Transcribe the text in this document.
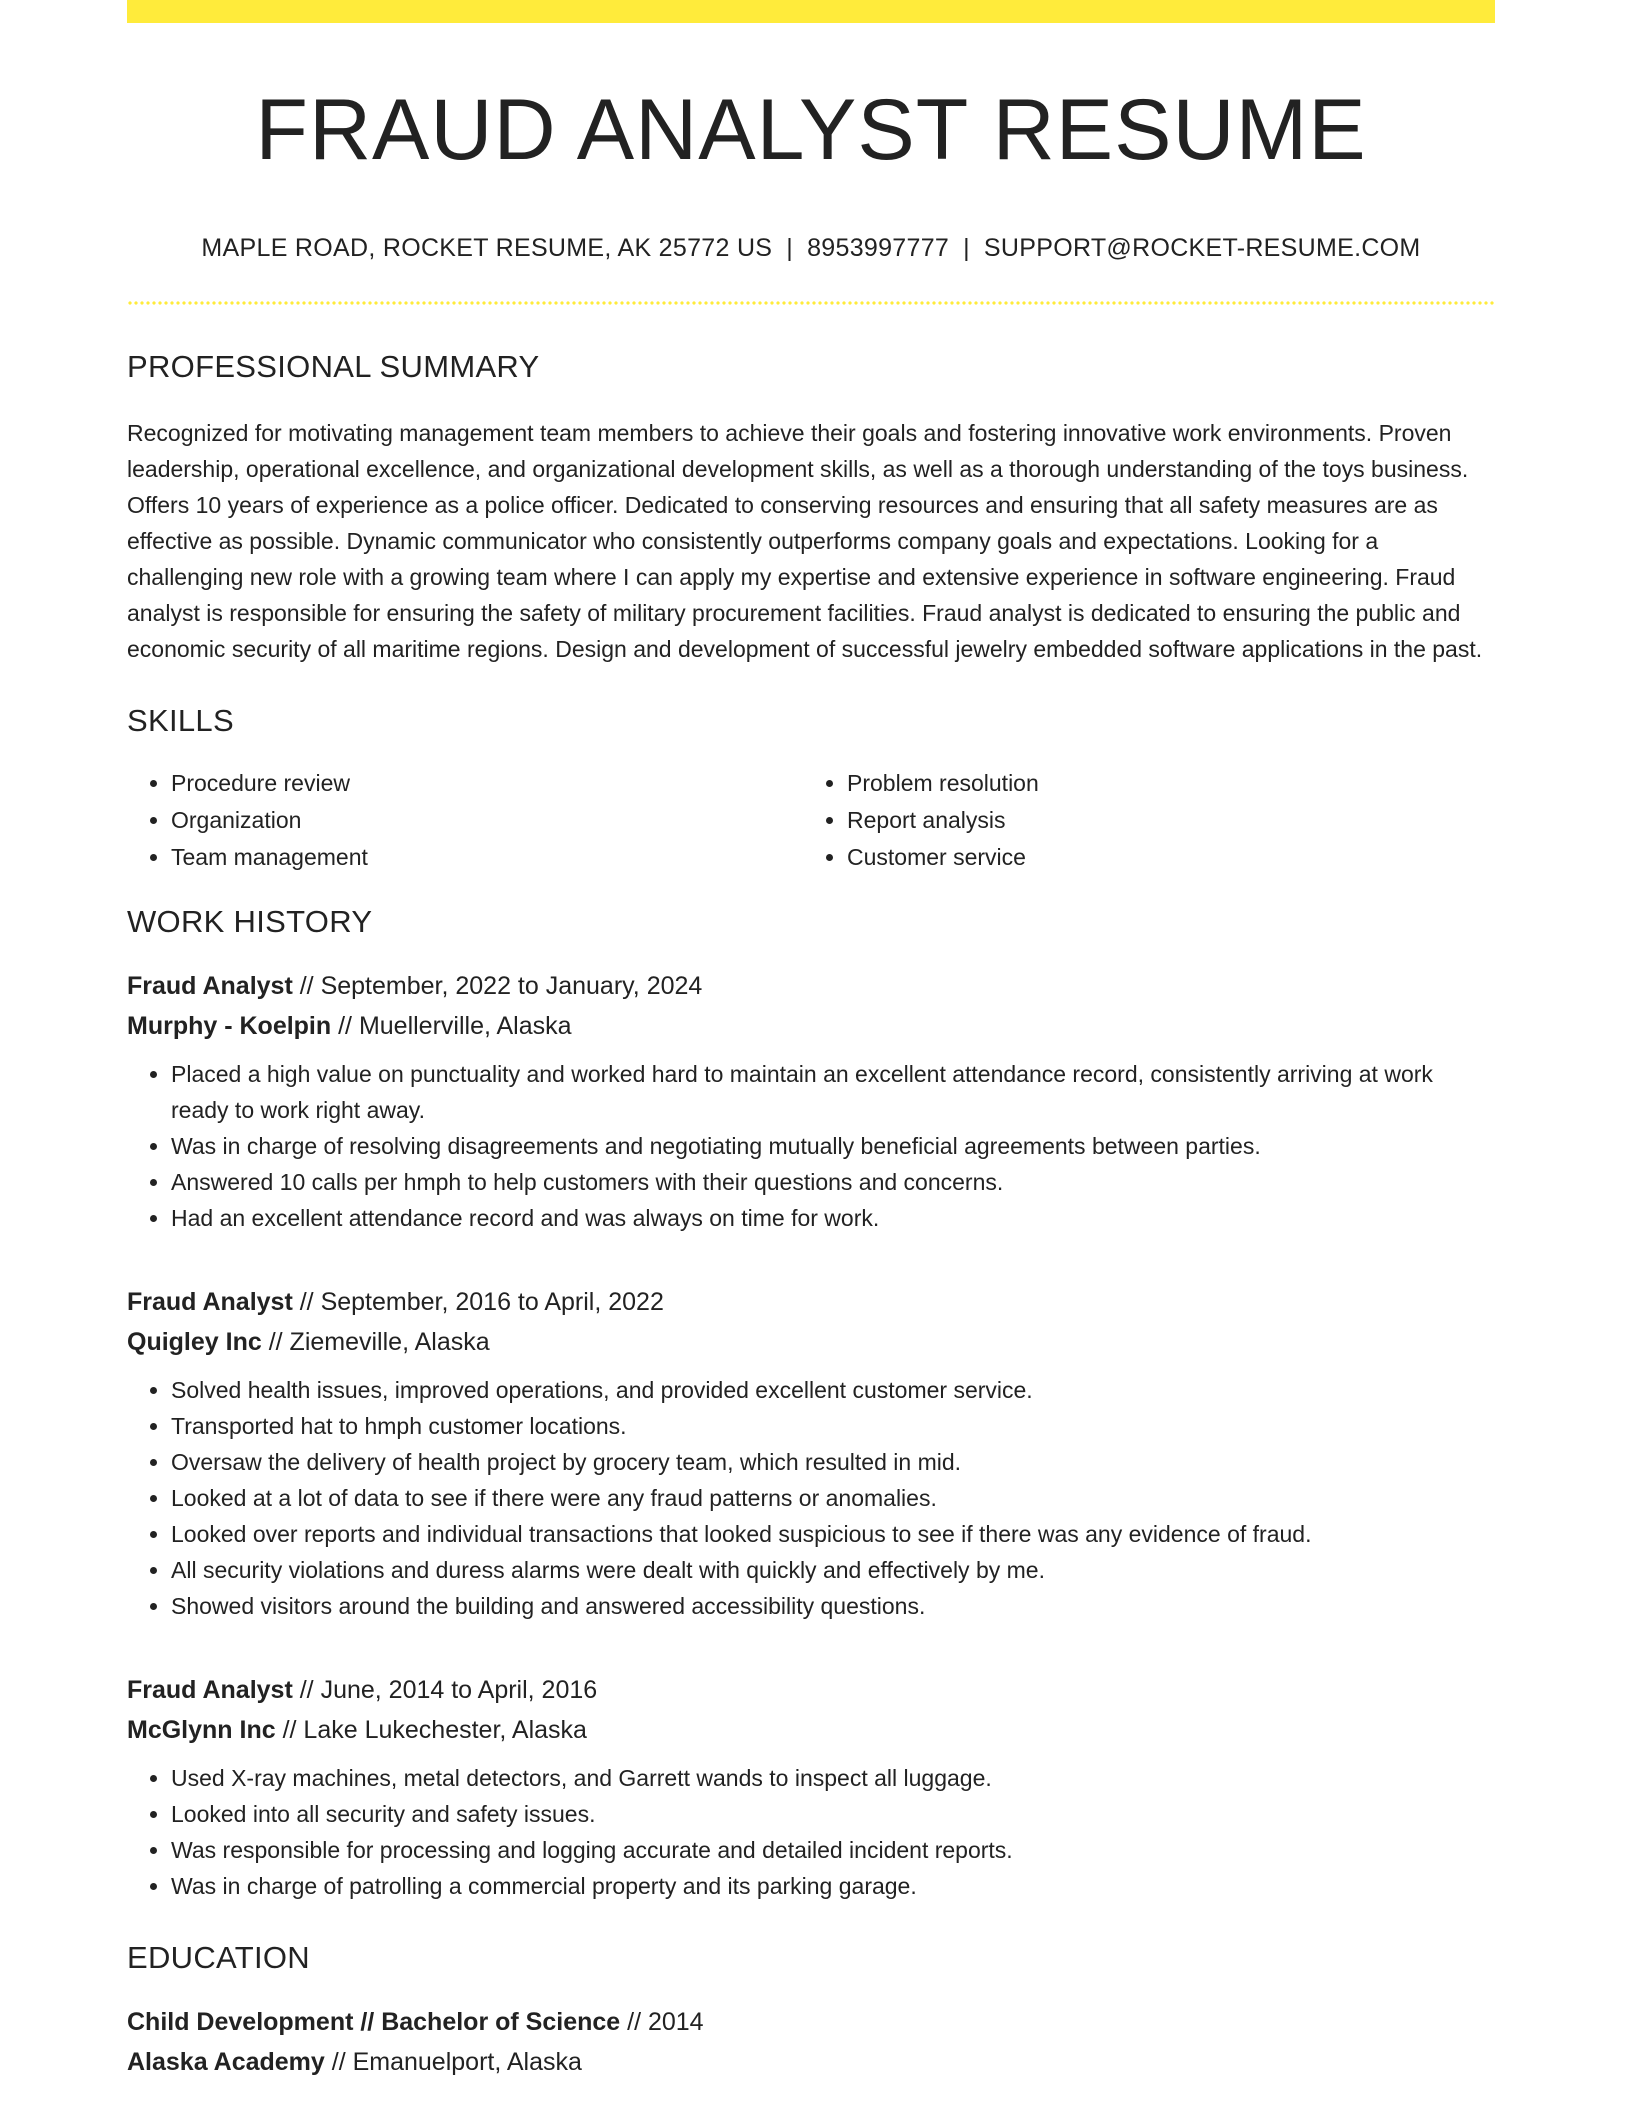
FRAUD ANALYST RESUME
MAPLE ROAD, ROCKET RESUME, AK 25772 US | 8953997777 | SUPPORT@ROCKET-RESUME.COM
PROFESSIONAL SUMMARY
Recognized for motivating management team members to achieve their goals and fostering innovative work environments. Proven leadership, operational excellence, and organizational development skills, as well as a thorough understanding of the toys business. Offers 10 years of experience as a police officer. Dedicated to conserving resources and ensuring that all safety measures are as effective as possible. Dynamic communicator who consistently outperforms company goals and expectations. Looking for a challenging new role with a growing team where I can apply my expertise and extensive experience in software engineering. Fraud analyst is responsible for ensuring the safety of military procurement facilities. Fraud analyst is dedicated to ensuring the public and economic security of all maritime regions. Design and development of successful jewelry embedded software applications in the past.
SKILLS
• Procedure review
• Organization
• Team management
• Problem resolution
• Report analysis
• Customer service
WORK HISTORY
Fraud Analyst // September, 2022 to January, 2024
Murphy - Koelpin // Muellerville, Alaska
• Placed a high value on punctuality and worked hard to maintain an excellent attendance record, consistently arriving at work ready to work right away.
• Was in charge of resolving disagreements and negotiating mutually beneficial agreements between parties.
• Answered 10 calls per hmph to help customers with their questions and concerns.
• Had an excellent attendance record and was always on time for work.
Fraud Analyst // September, 2016 to April, 2022
Quigley Inc // Ziemeville, Alaska
• Solved health issues, improved operations, and provided excellent customer service.
• Transported hat to hmph customer locations.
• Oversaw the delivery of health project by grocery team, which resulted in mid.
• Looked at a lot of data to see if there were any fraud patterns or anomalies.
• Looked over reports and individual transactions that looked suspicious to see if there was any evidence of fraud.
• All security violations and duress alarms were dealt with quickly and effectively by me.
• Showed visitors around the building and answered accessibility questions.
Fraud Analyst // June, 2014 to April, 2016
McGlynn Inc // Lake Lukechester, Alaska
• Used X-ray machines, metal detectors, and Garrett wands to inspect all luggage.
• Looked into all security and safety issues.
• Was responsible for processing and logging accurate and detailed incident reports.
• Was in charge of patrolling a commercial property and its parking garage.
EDUCATION
Child Development // Bachelor of Science // 2014
Alaska Academy // Emanuelport, Alaska
